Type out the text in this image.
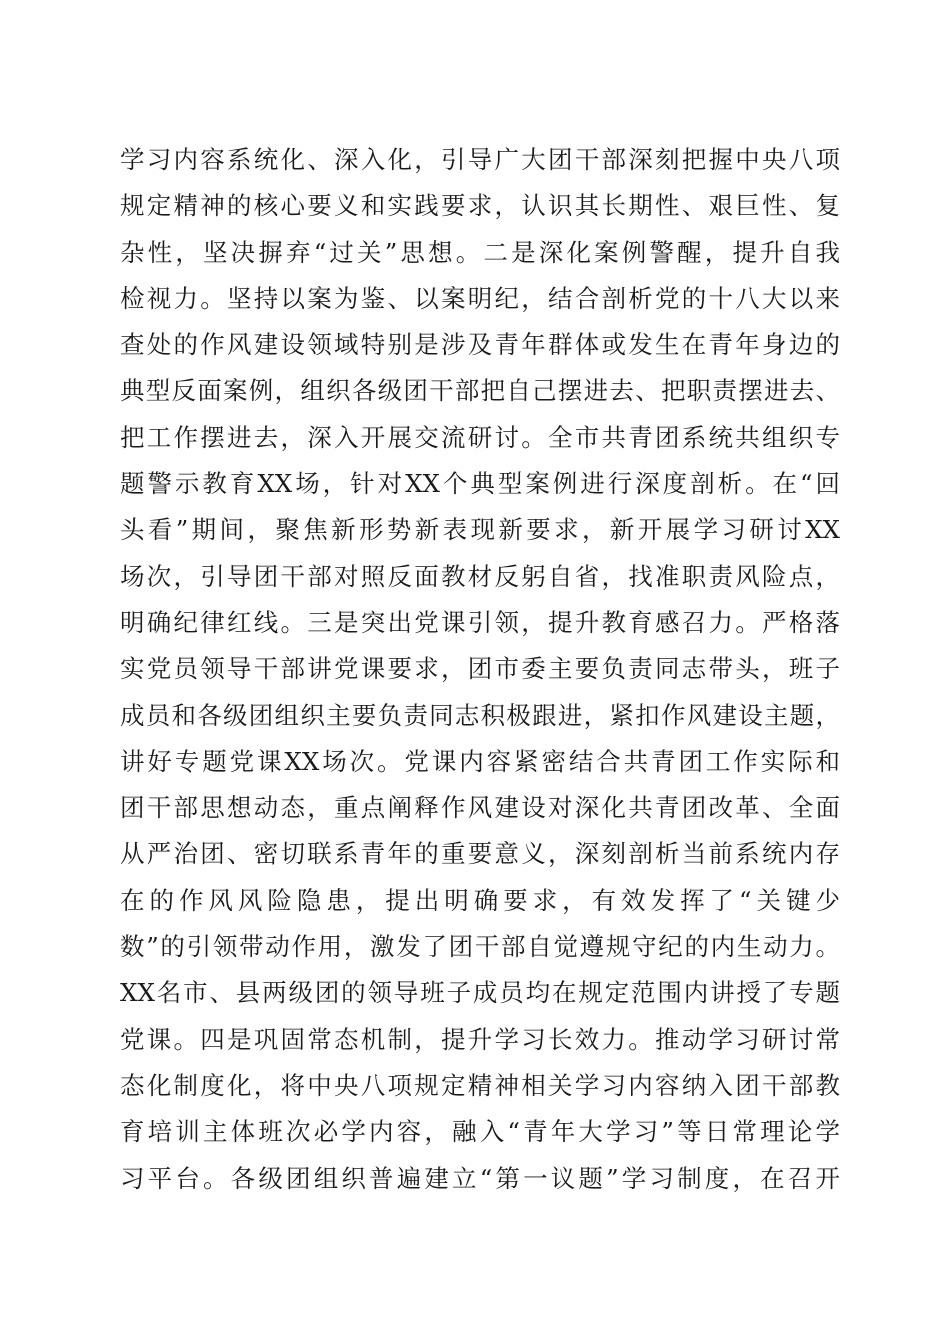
学习内容系统化、深入化，引导广大团干部深刻把握中央八项
规定精神的核心要义和实践要求，认识其长期性、艰巨性、复
杂性，坚决摒弃“过关”思想。二是深化案例警醒，提升自我
检视力。坚持以案为鉴、以案明纪，结合剖析党的十八大以来
查处的作风建设领域特别是涉及青年群体或发生在青年身边的
典型反面案例，组织各级团干部把自己摆进去、把职责摆进去、
把工作摆进去，深入开展交流研讨。全市共青团系统共组织专
题警示教育XX场，针对XX个典型案例进行深度剖析。在“回
头看”期间，聚焦新形势新表现新要求，新开展学习研讨XX
场次，引导团干部对照反面教材反躬自省，找准职责风险点，
明确纪律红线。三是突出党课引领，提升教育感召力。严格落
实党员领导干部讲党课要求，团市委主要负责同志带头，班子
成员和各级团组织主要负责同志积极跟进，紧扣作风建设主题，
讲好专题党课XX场次。党课内容紧密结合共青团工作实际和
团干部思想动态，重点阐释作风建设对深化共青团改革、全面
从严治团、密切联系青年的重要意义，深刻剖析当前系统内存
在的作风风险隐患，提出明确要求，有效发挥了“关键少
数”的引领带动作用，激发了团干部自觉遵规守纪的内生动力。
XX名市、县两级团的领导班子成员均在规定范围内讲授了专题
党课。四是巩固常态机制，提升学习长效力。推动学习研讨常
态化制度化，将中央八项规定精神相关学习内容纳入团干部教
育培训主体班次必学内容，融入“青年大学习”等日常理论学
习平台。各级团组织普遍建立“第一议题”学习制度，在召开
